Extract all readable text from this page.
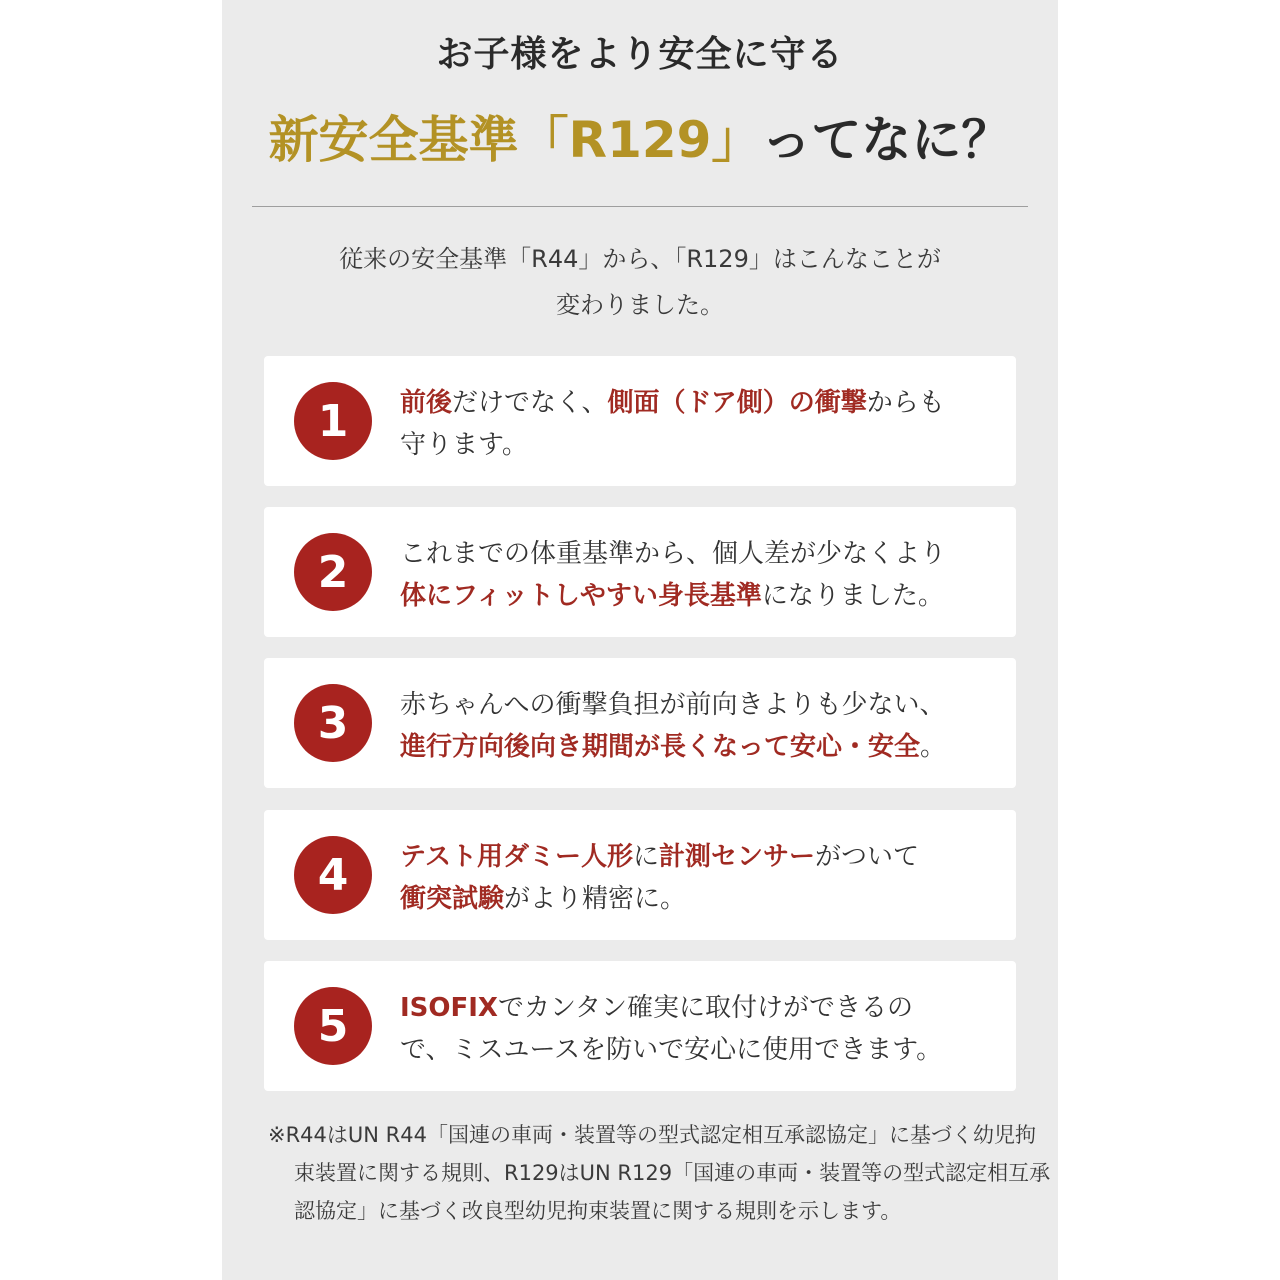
お子様をより安全に守る
新安全基準「R129」ってなに？
従来の安全基準「R44」から、「R129」はこんなことが
変わりました。
1	前後だけでなく、側面（ドア側）の衝撃からも
守ります。
2	これまでの体重基準から、個人差が少なくより
体にフィットしやすい身長基準になりました。
3	赤ちゃんへの衝撃負担が前向きよりも少ない、
進行方向後向き期間が長くなって安心・安全。
4	テスト用ダミー人形に計測センサーがついて
衝突試験がより精密に。
5	ISOFIXでカンタン確実に取付けができるの
で、ミスユースを防いで安心に使用できます。
※R44はUN R44「国連の車両・装置等の型式認定相互承認協定」に基づく幼児拘束装置に関する規則、R129はUN R129「国連の車両・装置等の型式認定相互承認協定」に基づく改良型幼児拘束装置に関する規則を示します。
